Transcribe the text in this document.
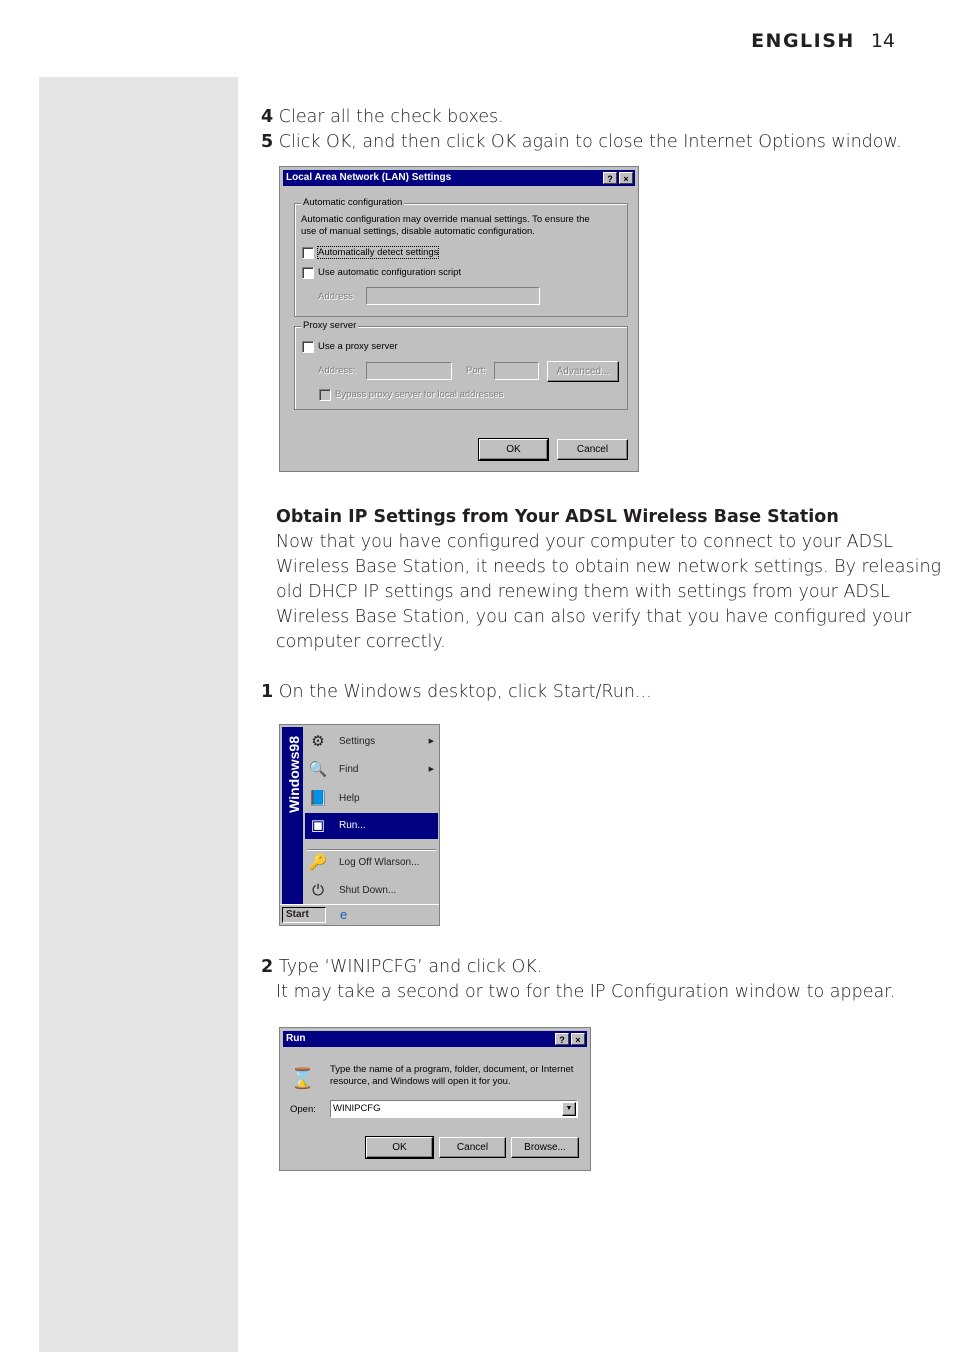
ENGLISH 14
4 Clear all the check boxes.
5 Click OK, and then click OK again to close the Internet Options window.
Local Area Network (LAN) Settings	?	×
Automatic configuration
Automatic configuration may override manual settings. To ensure the
use of manual settings, disable automatic configuration.
Automatically detect settings
Use automatic configuration script
Address
Proxy server
Use a proxy server
Address:	Port:	Advanced...
Bypass proxy server for local addresses
OK	Cancel
Obtain IP Settings from Your ADSL Wireless Base Station
Now that you have configured your computer to connect to your ADSL
Wireless Base Station, it needs to obtain new network settings. By releasing
old DHCP IP settings and renewing them with settings from your ADSL
Wireless Base Station, you can also verify that you have configured your
computer correctly.
1 On the Windows desktop, click Start/Run...
Windows98 ⚙	Settings	▶
🔍 Find	▶
📘 Help
▣ Run...
🔑 Log Off Wlarson...
⏻	Shut Down...
Start	e
2 Type ‘WINIPCFG’ and click OK.
It may take a second or two for the IP Configuration window to appear.
Run	?	×
⌛ Type the name of a program, folder, document, or Internet
resource, and Windows will open it for you.
Open: WINIPCFG	▼
OK	Cancel	Browse...
